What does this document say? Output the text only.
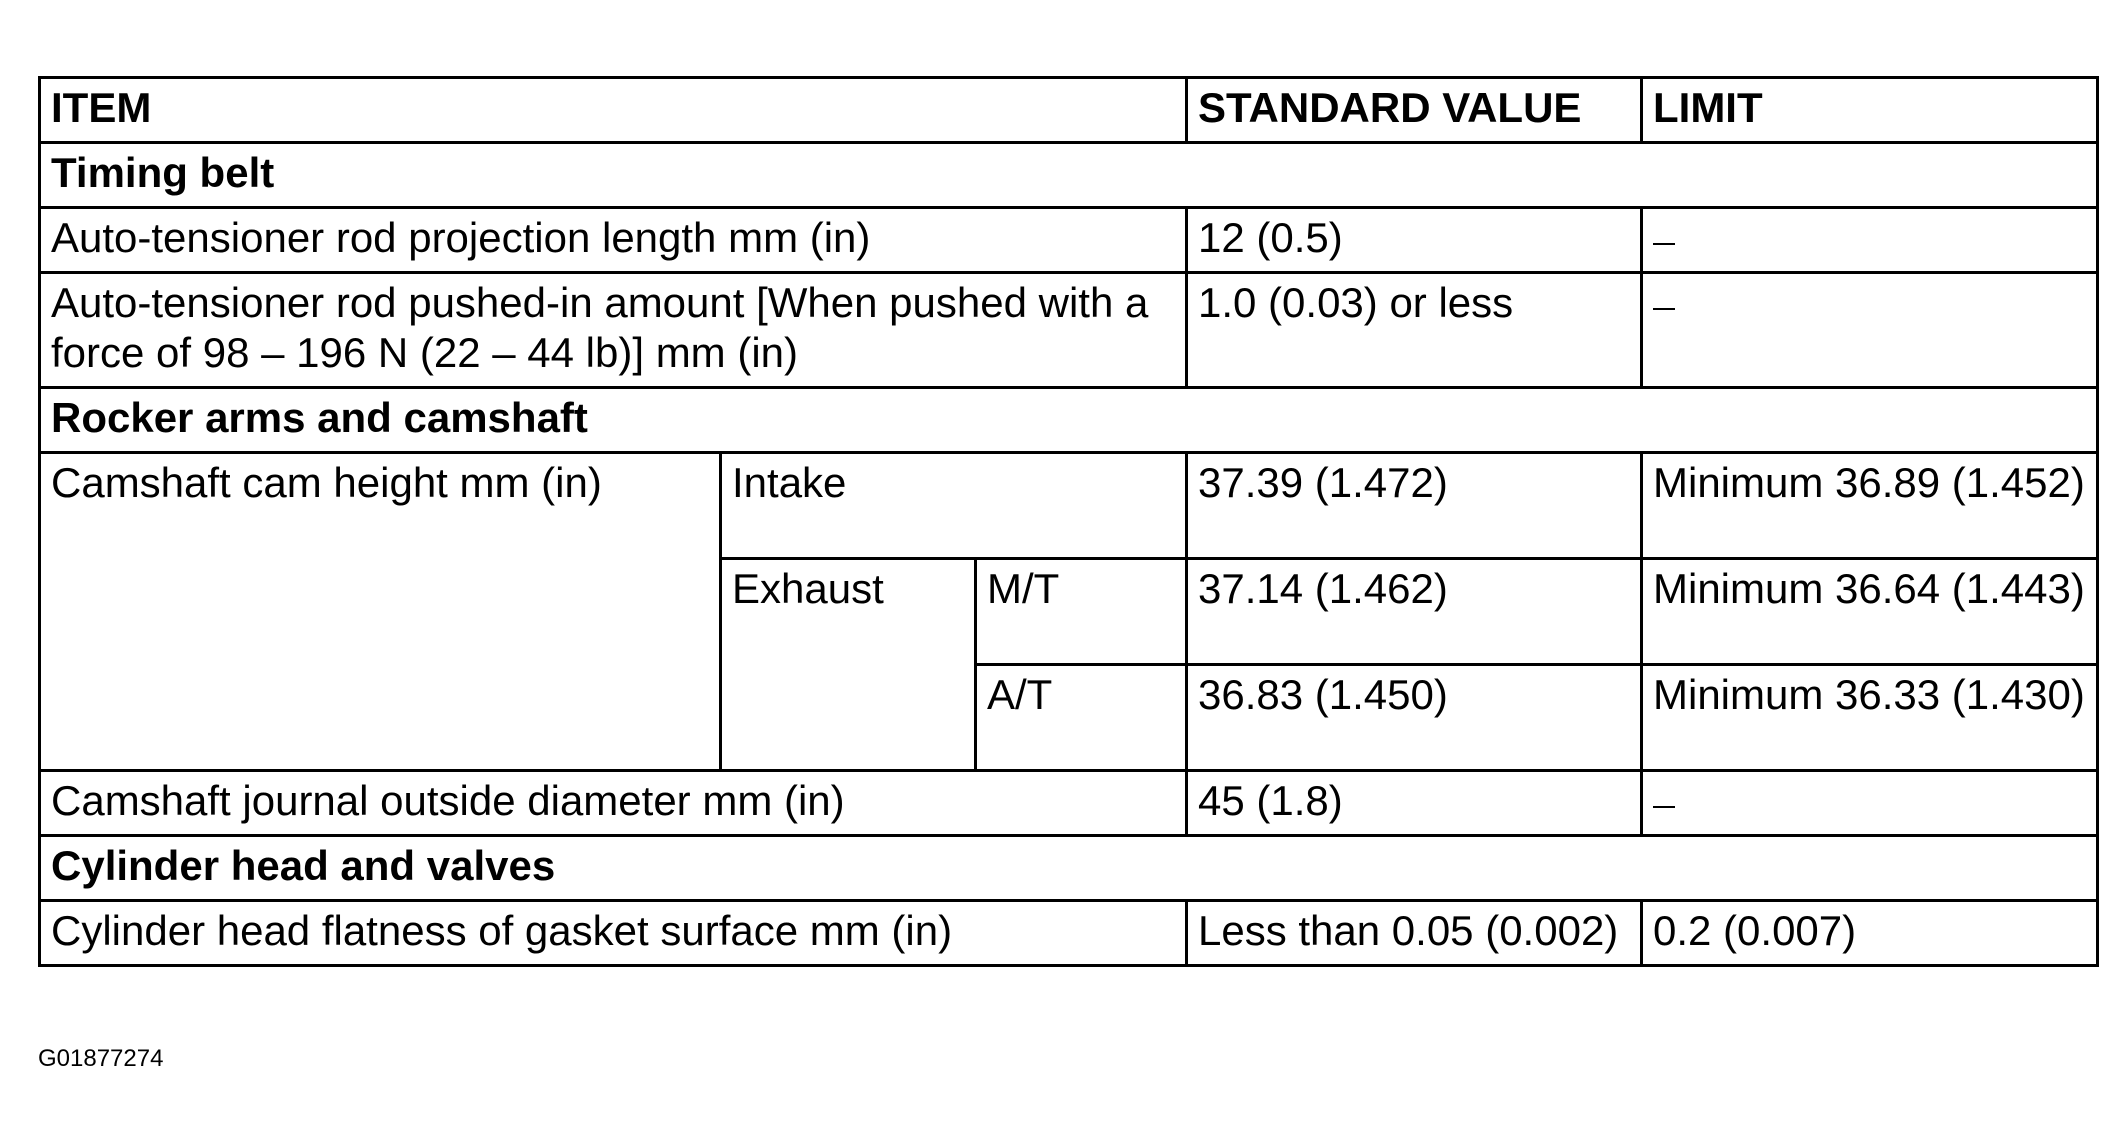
ITEM			STANDARD VALUE	LIMIT
Timing belt				
Auto-tensioner rod projection length mm (in)			12 (0.5)	
Auto-tensioner rod pushed-in amount [When pushed with a force of 98 – 196 N (22 – 44 lb)] mm (in)			1.0 (0.03) or less	
Rocker arms and camshaft				
Camshaft cam height mm (in)	Intake		37.39 (1.472)	Minimum 36.89 (1.452)
	Exhaust	M/T	37.14 (1.462)	Minimum 36.64 (1.443)
		A/T	36.83 (1.450)	Minimum 36.33 (1.430)
Camshaft journal outside diameter mm (in)			45 (1.8)	
Cylinder head and valves				
Cylinder head flatness of gasket surface mm (in)			Less than 0.05 (0.002)	0.2 (0.007)
G01877274
